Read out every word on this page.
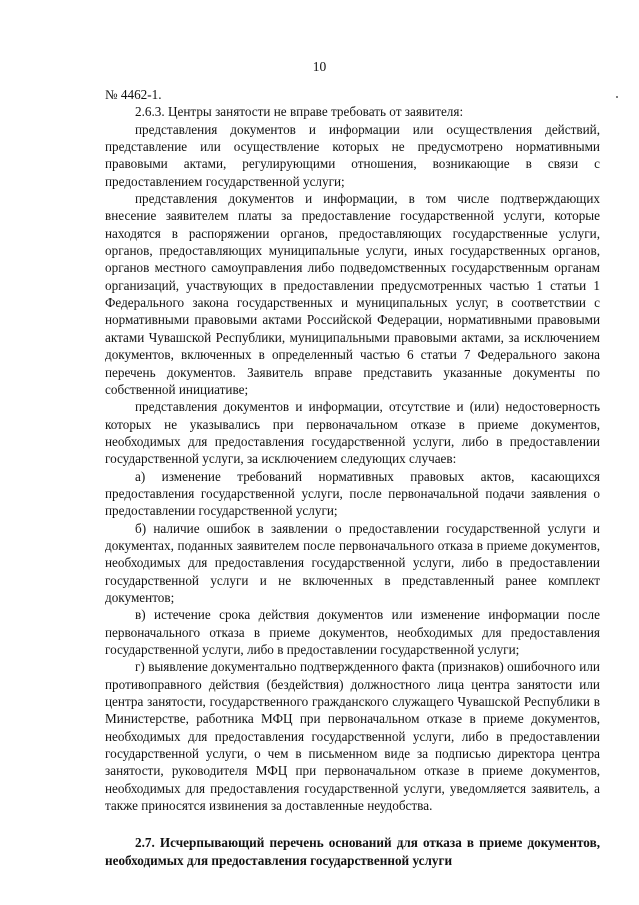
10

№ 4462-1.

2.6.3. Центры занятости не вправе требовать от заявителя:

представления документов и информации или осуществления действий, представление или осуществление которых не предусмотрено нормативными правовыми актами, регулирующими отношения, возникающие в связи с предоставлением государственной услуги;

представления документов и информации, в том числе подтверждающих внесение заявителем платы за предоставление государственной услуги, которые находятся в распоряжении органов, предоставляющих государственные услуги, органов, предоставляющих муниципальные услуги, иных государственных органов, органов местного самоуправления либо подведомственных государственным органам организаций, участвующих в предоставлении предусмотренных частью 1 статьи 1 Федерального закона государственных и муниципальных услуг, в соответствии с нормативными правовыми актами Российской Федерации, нормативными правовыми актами Чувашской Республики, муниципальными правовыми актами, за исключением документов, включенных в определенный частью 6 статьи 7 Федерального закона перечень документов. Заявитель вправе представить указанные документы по собственной инициативе;

представления документов и информации, отсутствие и (или) недостоверность которых не указывались при первоначальном отказе в приеме документов, необходимых для предоставления государственной услуги, либо в предоставлении государственной услуги, за исключением следующих случаев:

а) изменение требований нормативных правовых актов, касающихся предоставления государственной услуги, после первоначальной подачи заявления о предоставлении государственной услуги;

б) наличие ошибок в заявлении о предоставлении государственной услуги и документах, поданных заявителем после первоначального отказа в приеме документов, необходимых для предоставления государственной услуги, либо в предоставлении государственной услуги и не включенных в представленный ранее комплект документов;

в) истечение срока действия документов или изменение информации после первоначального отказа в приеме документов, необходимых для предоставления государственной услуги, либо в предоставлении государственной услуги;

г) выявление документально подтвержденного факта (признаков) ошибочного или противоправного действия (бездействия) должностного лица центра занятости или центра занятости, государственного гражданского служащего Чувашской Республики в Министерстве, работника МФЦ при первоначальном отказе в приеме документов, необходимых для предоставления государственной услуги, либо в предоставлении государственной услуги, о чем в письменном виде за подписью директора центра занятости, руководителя МФЦ при первоначальном отказе в приеме документов, необходимых для предоставления государственной услуги, уведомляется заявитель, а также приносятся извинения за доставленные неудобства.

2.7. Исчерпывающий перечень оснований для отказа в приеме документов, необходимых для предоставления государственной услуги
